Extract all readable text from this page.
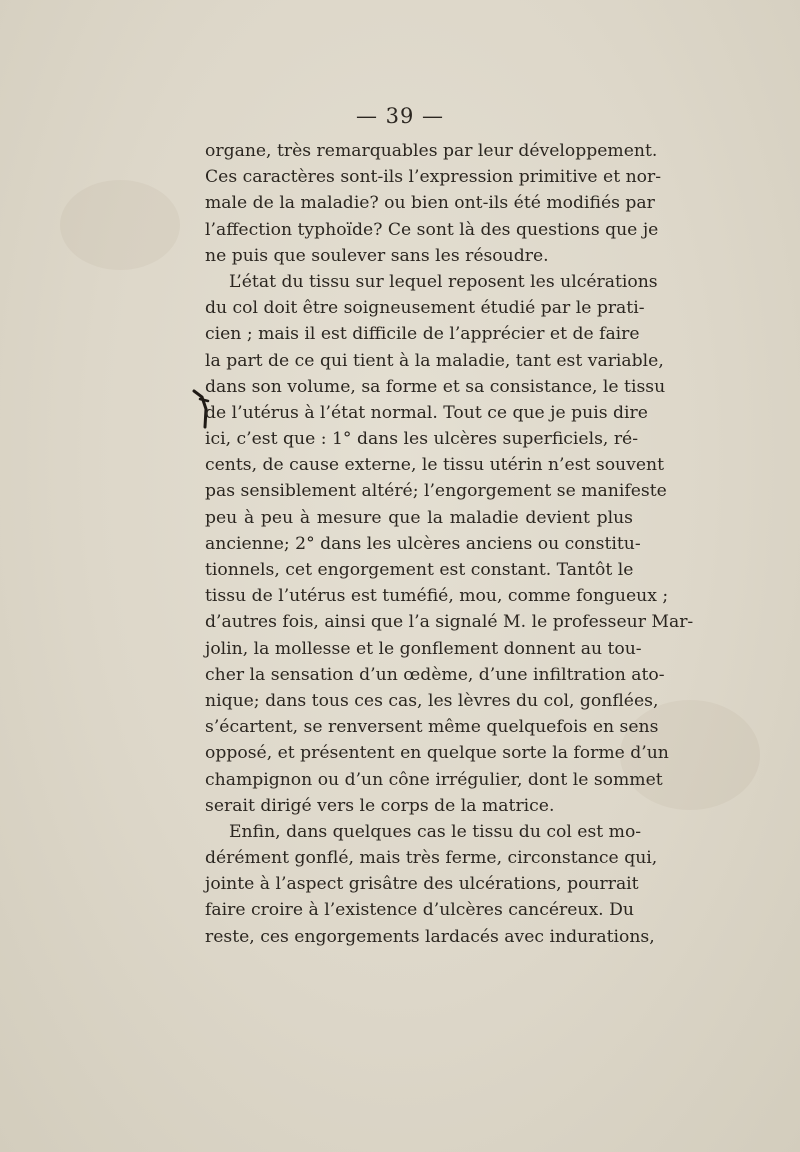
— 39 —
organe, très remarquables par leur développement.
Ces caractères sont-ils l’expression primitive et nor-
male de la maladie? ou bien ont-ils été modifiés par
l’affection typhoïde? Ce sont là des questions que je
ne puis que soulever sans les résoudre.
L’état du tissu sur lequel reposent les ulcérations
du col doit être soigneusement étudié par le prati-
cien ; mais il est difficile de l’apprécier et de faire
la part de ce qui tient à la maladie, tant est variable,
dans son volume, sa forme et sa consistance, le tissu
de l’utérus à l’état normal. Tout ce que je puis dire
ici, c’est que : 1° dans les ulcères superficiels, ré-
cents, de cause externe, le tissu utérin n’est souvent
pas sensiblement altéré; l’engorgement se manifeste
peu à peu à mesure que la maladie devient plus
ancienne; 2° dans les ulcères anciens ou constitu-
tionnels, cet engorgement est constant. Tantôt le
tissu de l’utérus est tuméfié, mou, comme fongueux ;
d’autres fois, ainsi que l’a signalé M. le professeur Mar-
jolin, la mollesse et le gonflement donnent au tou-
cher la sensation d’un œdème, d’une infiltration ato-
nique; dans tous ces cas, les lèvres du col, gonflées,
s’écartent, se renversent même quelquefois en sens
opposé, et présentent en quelque sorte la forme d’un
champignon ou d’un cône irrégulier, dont le sommet
serait dirigé vers le corps de la matrice.
Enfin, dans quelques cas le tissu du col est mo-
dérément gonflé, mais très ferme, circonstance qui,
jointe à l’aspect grisâtre des ulcérations, pourrait
faire croire à l’existence d’ulcères cancéreux. Du
reste, ces engorgements lardacés avec indurations,
